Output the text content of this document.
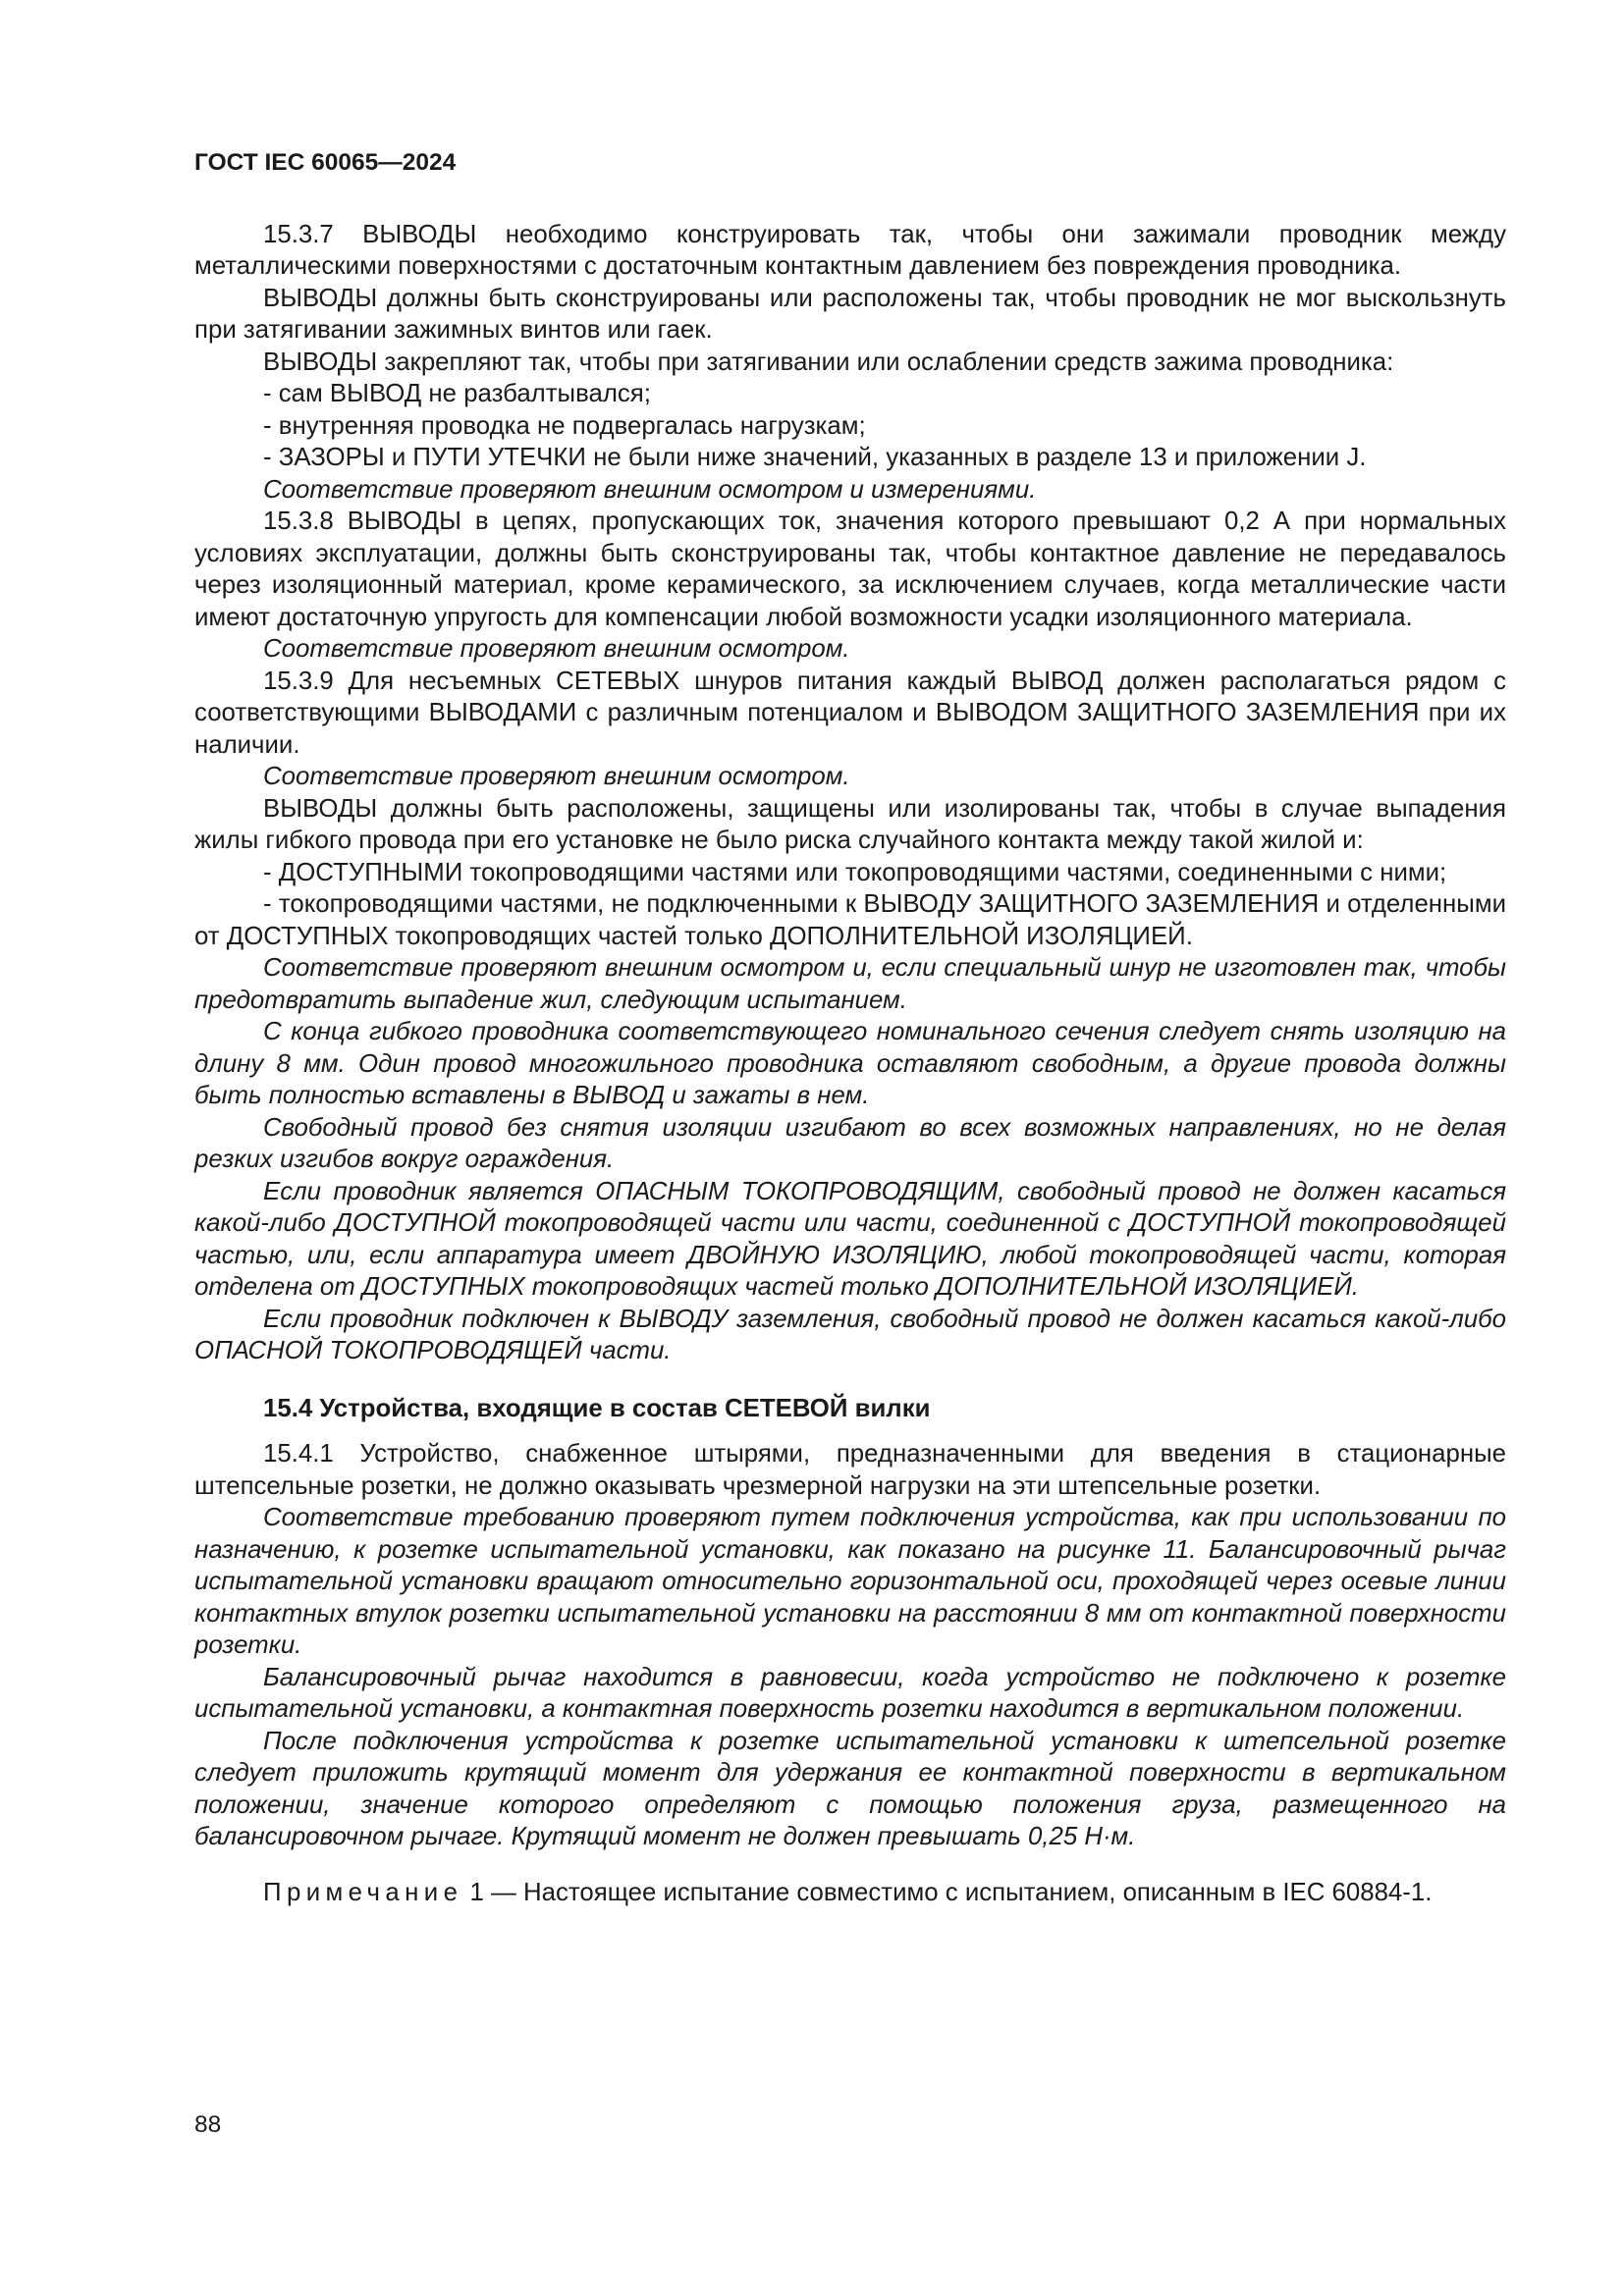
ГОСТ IEC 60065—2024

15.3.7 ВЫВОДЫ необходимо конструировать так, чтобы они зажимали проводник между металлическими поверхностями с достаточным контактным давлением без повреждения проводника.

ВЫВОДЫ должны быть сконструированы или расположены так, чтобы проводник не мог выскользнуть при затягивании зажимных винтов или гаек.

ВЫВОДЫ закрепляют так, чтобы при затягивании или ослаблении средств зажима проводника:

- сам ВЫВОД не разбалтывался;

- внутренняя проводка не подвергалась нагрузкам;

- ЗАЗОРЫ и ПУТИ УТЕЧКИ не были ниже значений, указанных в разделе 13 и приложении J.

Соответствие проверяют внешним осмотром и измерениями.

15.3.8 ВЫВОДЫ в цепях, пропускающих ток, значения которого превышают 0,2 А при нормальных условиях эксплуатации, должны быть сконструированы так, чтобы контактное давление не передавалось через изоляционный материал, кроме керамического, за исключением случаев, когда металлические части имеют достаточную упругость для компенсации любой возможности усадки изоляционного материала.

Соответствие проверяют внешним осмотром.

15.3.9 Для несъемных СЕТЕВЫХ шнуров питания каждый ВЫВОД должен располагаться рядом с соответствующими ВЫВОДАМИ с различным потенциалом и ВЫВОДОМ ЗАЩИТНОГО ЗАЗЕМЛЕНИЯ при их наличии.

Соответствие проверяют внешним осмотром.

ВЫВОДЫ должны быть расположены, защищены или изолированы так, чтобы в случае выпадения жилы гибкого провода при его установке не было риска случайного контакта между такой жилой и:

- ДОСТУПНЫМИ токопроводящими частями или токопроводящими частями, соединенными с ними;

- токопроводящими частями, не подключенными к ВЫВОДУ ЗАЩИТНОГО ЗАЗЕМЛЕНИЯ и отделенными от ДОСТУПНЫХ токопроводящих частей только ДОПОЛНИТЕЛЬНОЙ ИЗОЛЯЦИЕЙ.

Соответствие проверяют внешним осмотром и, если специальный шнур не изготовлен так, чтобы предотвратить выпадение жил, следующим испытанием.

С конца гибкого проводника соответствующего номинального сечения следует снять изоляцию на длину 8 мм. Один провод многожильного проводника оставляют свободным, а другие провода должны быть полностью вставлены в ВЫВОД и зажаты в нем.

Свободный провод без снятия изоляции изгибают во всех возможных направлениях, но не делая резких изгибов вокруг ограждения.

Если проводник является ОПАСНЫМ ТОКОПРОВОДЯЩИМ, свободный провод не должен касаться какой-либо ДОСТУПНОЙ токопроводящей части или части, соединенной с ДОСТУПНОЙ токопроводящей частью, или, если аппаратура имеет ДВОЙНУЮ ИЗОЛЯЦИЮ, любой токопроводящей части, которая отделена от ДОСТУПНЫХ токопроводящих частей только ДОПОЛНИТЕЛЬНОЙ ИЗОЛЯЦИЕЙ.

Если проводник подключен к ВЫВОДУ заземления, свободный провод не должен касаться какой-либо ОПАСНОЙ ТОКОПРОВОДЯЩЕЙ части.

15.4 Устройства, входящие в состав СЕТЕВОЙ вилки

15.4.1 Устройство, снабженное штырями, предназначенными для введения в стационарные штепсельные розетки, не должно оказывать чрезмерной нагрузки на эти штепсельные розетки.

Соответствие требованию проверяют путем подключения устройства, как при использовании по назначению, к розетке испытательной установки, как показано на рисунке 11. Балансировочный рычаг испытательной установки вращают относительно горизонтальной оси, проходящей через осевые линии контактных втулок розетки испытательной установки на расстоянии 8 мм от контактной поверхности розетки.

Балансировочный рычаг находится в равновесии, когда устройство не подключено к розетке испытательной установки, а контактная поверхность розетки находится в вертикальном положении.

После подключения устройства к розетке испытательной установки к штепсельной розетке следует приложить крутящий момент для удержания ее контактной поверхности в вертикальном положении, значение которого определяют с помощью положения груза, размещенного на балансировочном рычаге. Крутящий момент не должен превышать 0,25 Н·м.

Примечание 1 — Настоящее испытание совместимо с испытанием, описанным в IEC 60884-1.

88
